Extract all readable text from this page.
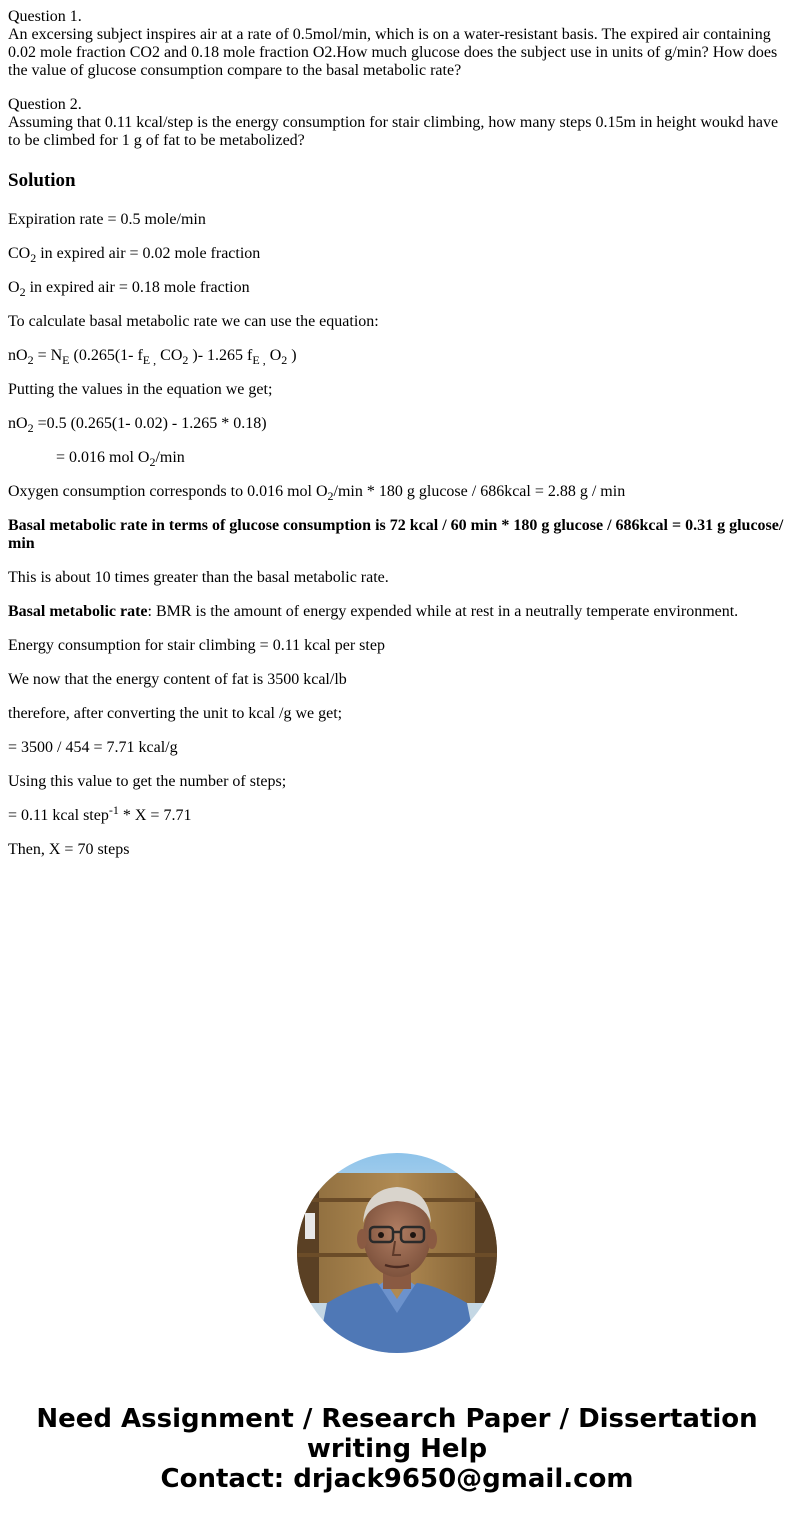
Question 1.
An excersing subject inspires air at a rate of 0.5mol/min, which is on a water-resistant basis. The expired air containing 0.02 mole fraction CO2 and 0.18 mole fraction O2.How much glucose does the subject use in units of g/min? How does the value of glucose consumption compare to the basal metabolic rate?
Question 2.
Assuming that 0.11 kcal/step is the energy consumption for stair climbing, how many steps 0.15m in height woukd have to be climbed for 1 g of fat to be metabolized?
Solution

Expiration rate = 0.5 mole/min

$CO_2$ in expired air = 0.02 mole fraction

$O_2$ in expired air = 0.18 mole fraction

To calculate basal metabolic rate we can use the equation:

$nO_2 = N_E$ (0.265(1- $f_{E ,}$ $CO_2$ )- 1.265 $f_{E ,}$ $O_2$ )

Putting the values in the equation we get;

$nO_2 =0.5$ (0.265(1- 0.02) - 1.265 * 0.18)

= 0.016 mol $O_2/\min$

Oxygen consumption corresponds to 0.016 mol $O_2/\min * 180$ g glucose / 686kcal = 2.88 g / min

Basal metabolic rate in terms of glucose consumption is 72 kcal / 60 min * 180 g glucose / 686kcal = 0.31 g glucose/ min

This is about 10 times greater than the basal metabolic rate.

Basal metabolic rate: BMR is the amount of energy expended while at rest in a neutrally temperate environment.

Energy consumption for stair climbing = 0.11 kcal per step

We now that the energy content of fat is 3500 kcal/lb

therefore, after converting the unit to kcal /g we get;

= 3500 / 454 = 7.71 kcal/g

Using this value to get the number of steps;

= 0.11 kcal step$^{-1}$ * X = 7.71

Then, X = 70 steps

Need Assignment / Research Paper / Dissertation
writing Help
Contact: drjack9650@gmail.com
